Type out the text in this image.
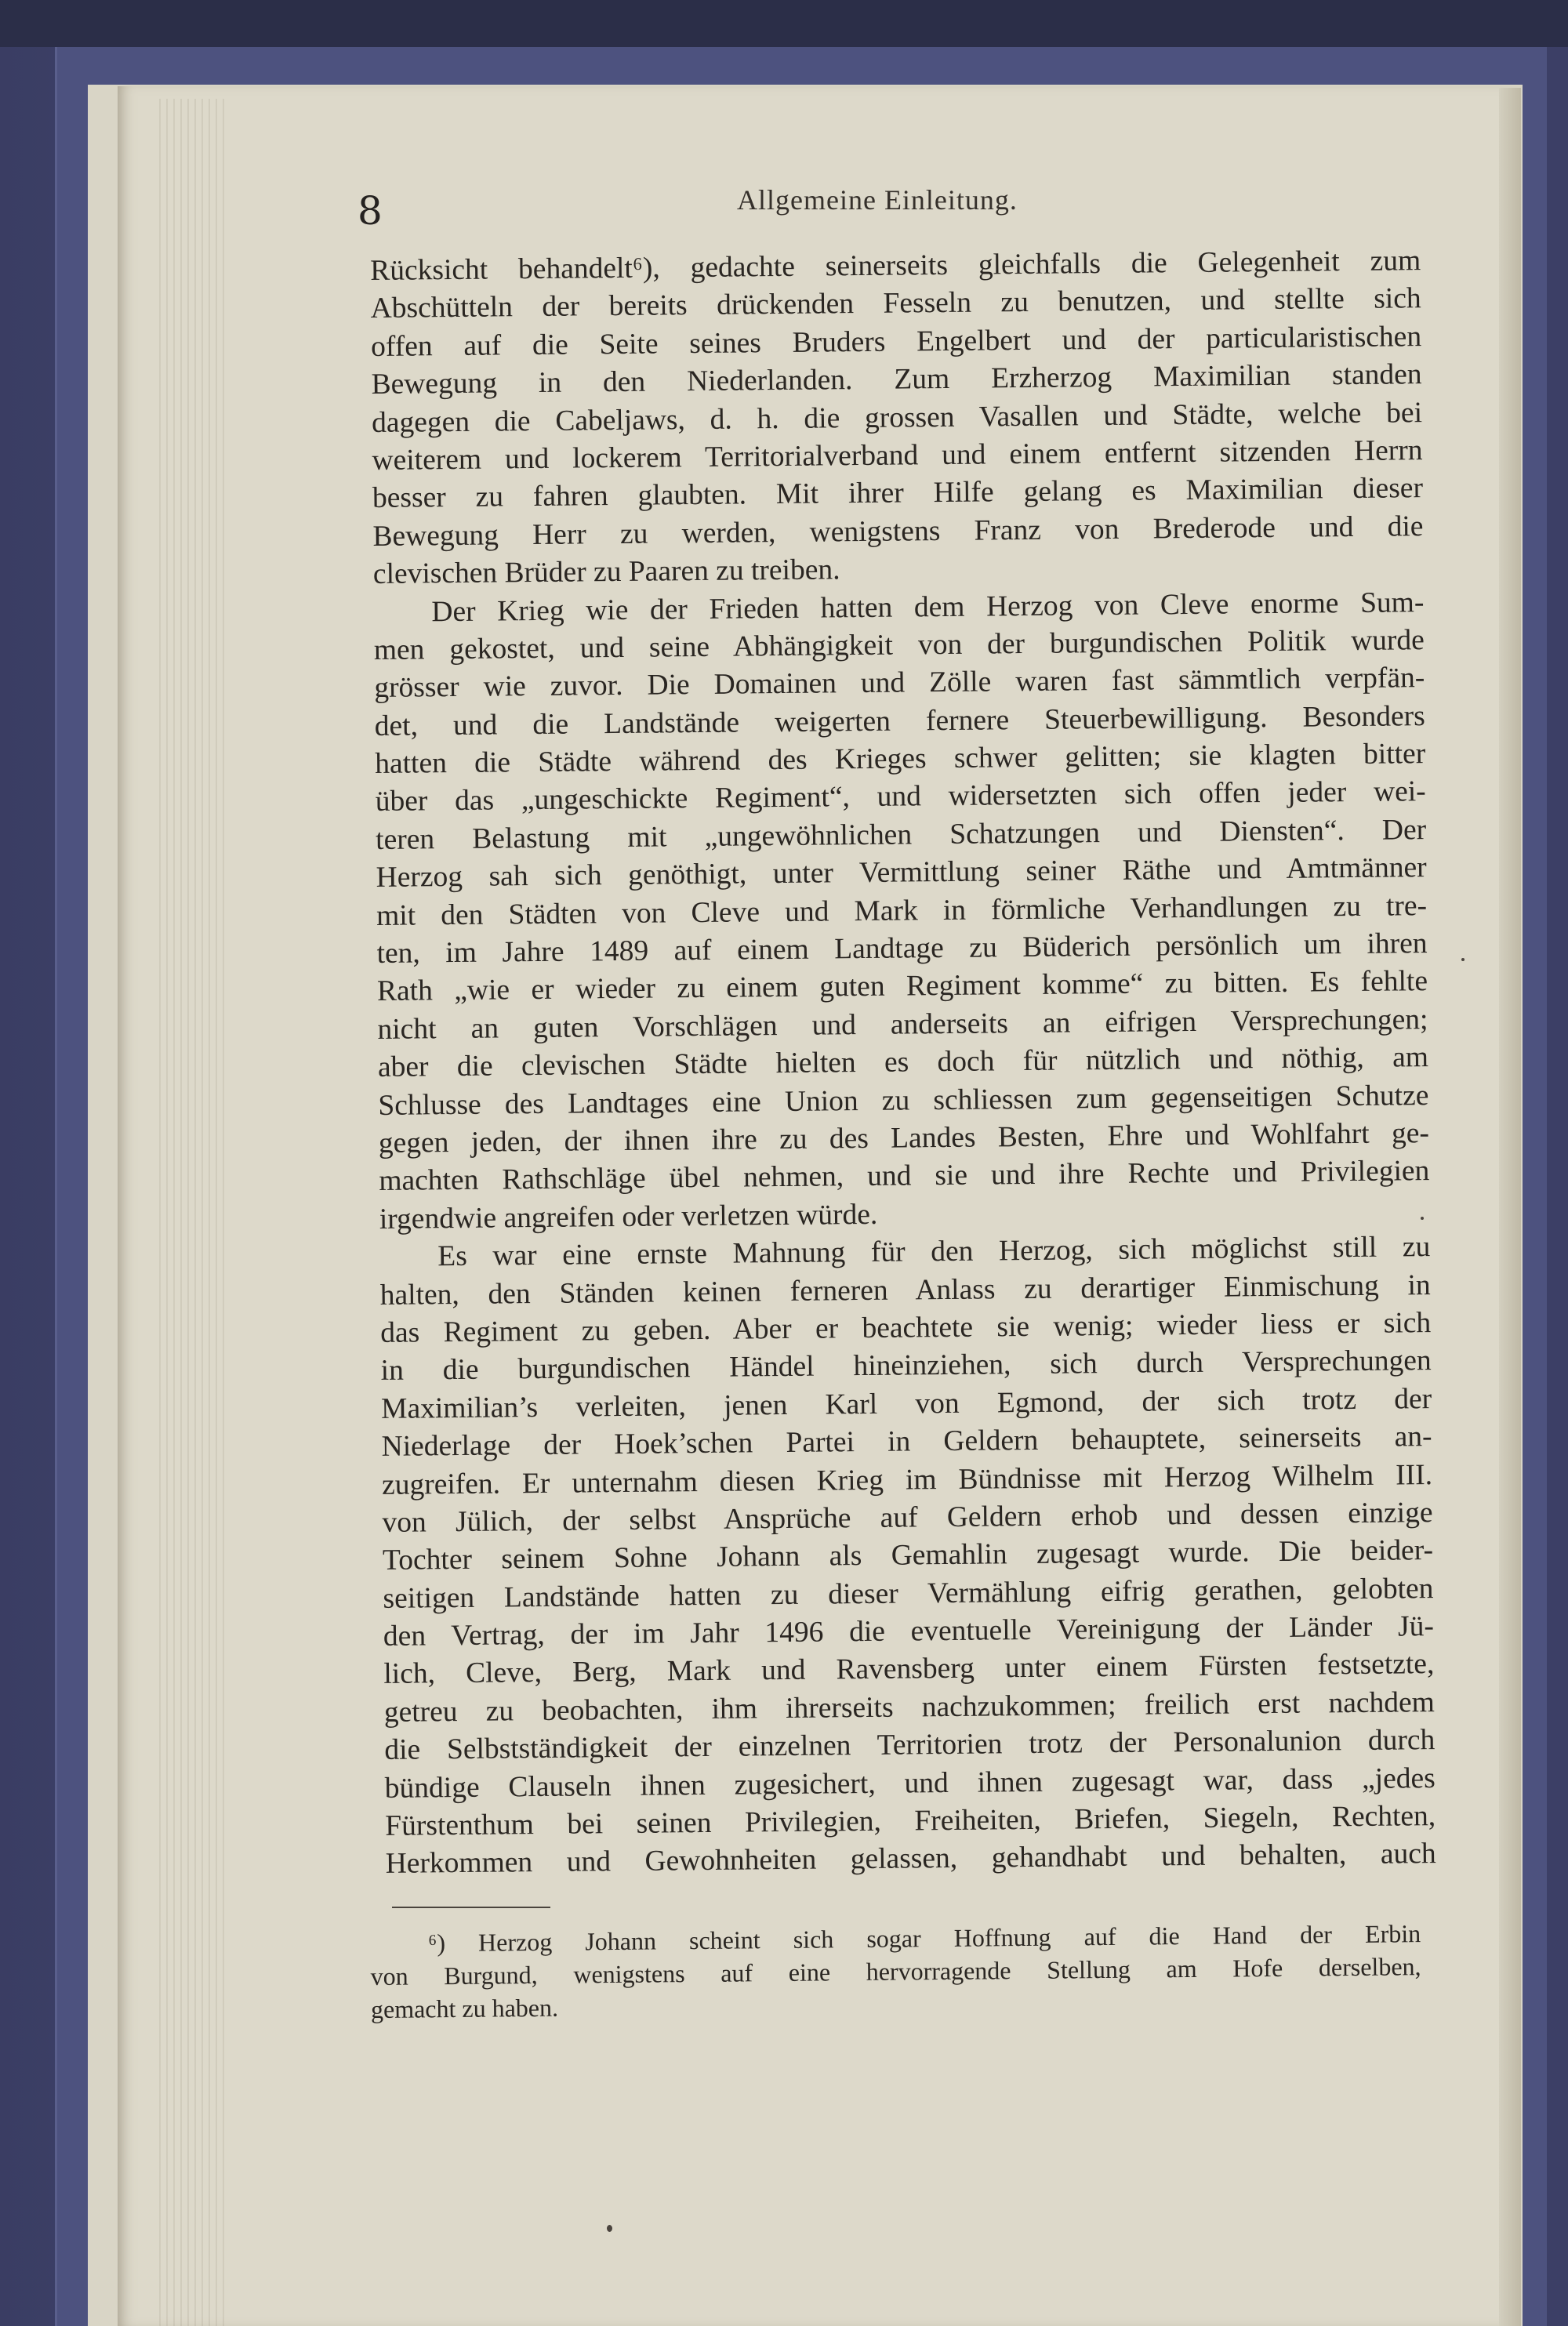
8	Allgemeine Einleitung.
Rücksicht behandelt⁶), gedachte seinerseits gleichfalls die Gelegenheit zum
Abschütteln der bereits drückenden Fesseln zu benutzen, und stellte sich
offen auf die Seite seines Bruders Engelbert und der particularistischen
Bewegung in den Niederlanden. Zum Erzherzog Maximilian standen
dagegen die Cabeljaws, d. h. die grossen Vasallen und Städte, welche bei
weiterem und lockerem Territorialverband und einem entfernt sitzenden Herrn
besser zu fahren glaubten. Mit ihrer Hilfe gelang es Maximilian dieser
Bewegung Herr zu werden, wenigstens Franz von Brederode und die
clevischen Brüder zu Paaren zu treiben.
Der Krieg wie der Frieden hatten dem Herzog von Cleve enorme Sum-
men gekostet, und seine Abhängigkeit von der burgundischen Politik wurde
grösser wie zuvor. Die Domainen und Zölle waren fast sämmtlich verpfän-
det, und die Landstände weigerten fernere Steuerbewilligung. Besonders
hatten die Städte während des Krieges schwer gelitten; sie klagten bitter
über das „ungeschickte Regiment“, und widersetzten sich offen jeder wei-
teren Belastung mit „ungewöhnlichen Schatzungen und Diensten“. Der
Herzog sah sich genöthigt, unter Vermittlung seiner Räthe und Amtmänner
mit den Städten von Cleve und Mark in förmliche Verhandlungen zu tre-
ten, im Jahre 1489 auf einem Landtage zu Büderich persönlich um ihren
Rath „wie er wieder zu einem guten Regiment komme“ zu bitten. Es fehlte
nicht an guten Vorschlägen und anderseits an eifrigen Versprechungen;
aber die clevischen Städte hielten es doch für nützlich und nöthig, am
Schlusse des Landtages eine Union zu schliessen zum gegenseitigen Schutze
gegen jeden, der ihnen ihre zu des Landes Besten, Ehre und Wohlfahrt ge-
machten Rathschläge übel nehmen, und sie und ihre Rechte und Privilegien
irgendwie angreifen oder verletzen würde.
Es war eine ernste Mahnung für den Herzog, sich möglichst still zu
halten, den Ständen keinen ferneren Anlass zu derartiger Einmischung in
das Regiment zu geben. Aber er beachtete sie wenig; wieder liess er sich
in die burgundischen Händel hineinziehen, sich durch Versprechungen
Maximilian’s verleiten, jenen Karl von Egmond, der sich trotz der
Niederlage der Hoek’schen Partei in Geldern behauptete, seinerseits an-
zugreifen. Er unternahm diesen Krieg im Bündnisse mit Herzog Wilhelm III.
von Jülich, der selbst Ansprüche auf Geldern erhob und dessen einzige
Tochter seinem Sohne Johann als Gemahlin zugesagt wurde. Die beider-
seitigen Landstände hatten zu dieser Vermählung eifrig gerathen, gelobten
den Vertrag, der im Jahr 1496 die eventuelle Vereinigung der Länder Jü-
lich, Cleve, Berg, Mark und Ravensberg unter einem Fürsten festsetzte,
getreu zu beobachten, ihm ihrerseits nachzukommen; freilich erst nachdem
die Selbstständigkeit der einzelnen Territorien trotz der Personalunion durch
bündige Clauseln ihnen zugesichert, und ihnen zugesagt war, dass „jedes
Fürstenthum bei seinen Privilegien, Freiheiten, Briefen, Siegeln, Rechten,
Herkommen und Gewohnheiten gelassen, gehandhabt und behalten, auch
⁶) Herzog Johann scheint sich sogar Hoffnung auf die Hand der Erbin
von Burgund, wenigstens auf eine hervorragende Stellung am Hofe derselben,
gemacht zu haben.
